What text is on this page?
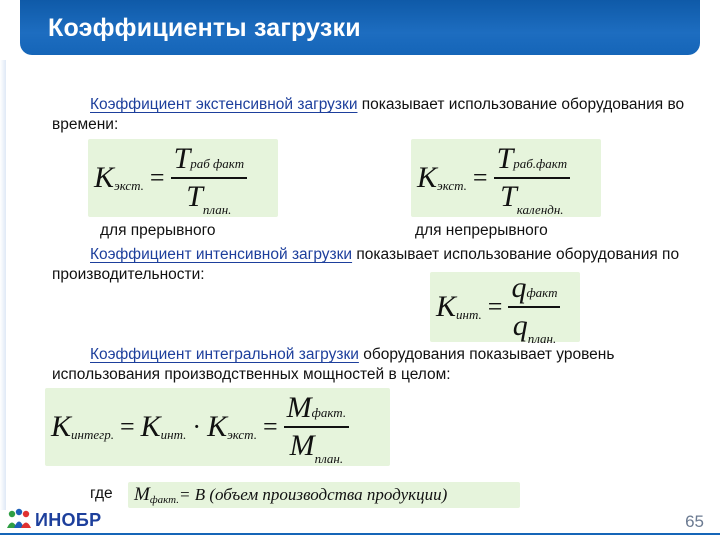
Коэффициенты загрузки
Коэффициент экстенсивной загрузки показывает использование оборудования во времени:
K экст. = $\frac{\text{Tраб факт}}{T_{план.}}$	K экст. = $\frac{\text{Tраб.факт}}{T_{календн.}}$
для прерывного	для непрерывного
Коэффициент интенсивной загрузки показывает использование оборудования по производительности:
K инт. = $\frac{\text{qфакт}}{q_{план.}}$
Коэффициент интегральной загрузки оборудования показывает уровень использования производственных мощностей в целом:
K интегр. = K инт. · K экст. = $\frac{\text{Mфакт.}}{M_{план.}}$
где M факт. = B (объем производства продукции)
ИНОБР	65
